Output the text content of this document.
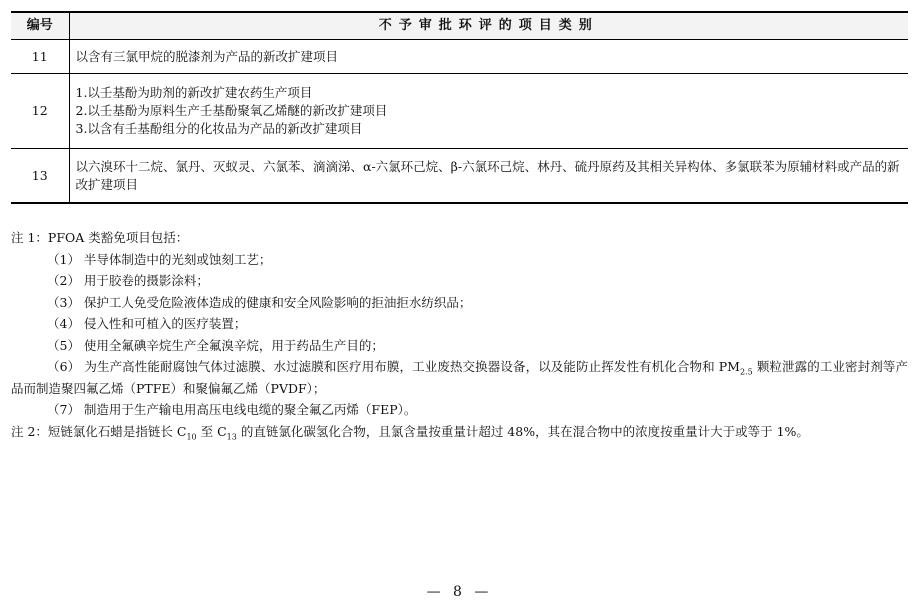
编号	不予审批环评的项目类别
11	以含有三氯甲烷的脱漆剂为产品的新改扩建项目

12	1.以壬基酚为助剂的新改扩建农药生产项目
2.以壬基酚为原料生产壬基酚聚氧乙烯醚的新改扩建项目
3.以含有壬基酚组分的化妆品为产品的新改扩建项目

13	以六溴环十二烷、氯丹、灭蚁灵、六氯苯、滴滴涕、α-六氯环己烷、β-六氯环己烷、林丹、硫丹原药及其相关异构体、多氯联苯为原辅材料或产品的新改扩建项目

注 1：PFOA 类豁免项目包括：

（1） 半导体制造中的光刻或蚀刻工艺；

（2） 用于胶卷的摄影涂料；

（3） 保护工人免受危险液体造成的健康和安全风险影响的拒油拒水纺织品；

（4） 侵入性和可植入的医疗装置；

（5） 使用全氟碘辛烷生产全氟溴辛烷，用于药品生产目的；

（6） 为生产高性能耐腐蚀气体过滤膜、水过滤膜和医疗用布膜，工业废热交换器设备，以及能防止挥发性有机化合物和 $PM_{2.5}$ 颗粒泄露的工业密封剂等产品而制造聚四氟乙烯（PTFE）和聚偏氟乙烯（PVDF）；

（7） 制造用于生产输电用高压电线电缆的聚全氟乙丙烯（FEP）。

注 2：短链氯化石蜡是指链长 $C_{10}$ 至 $C_{13}$ 的直链氯化碳氢化合物，且氯含量按重量计超过 48%，其在混合物中的浓度按重量计大于或等于 1%。

— 8 —
